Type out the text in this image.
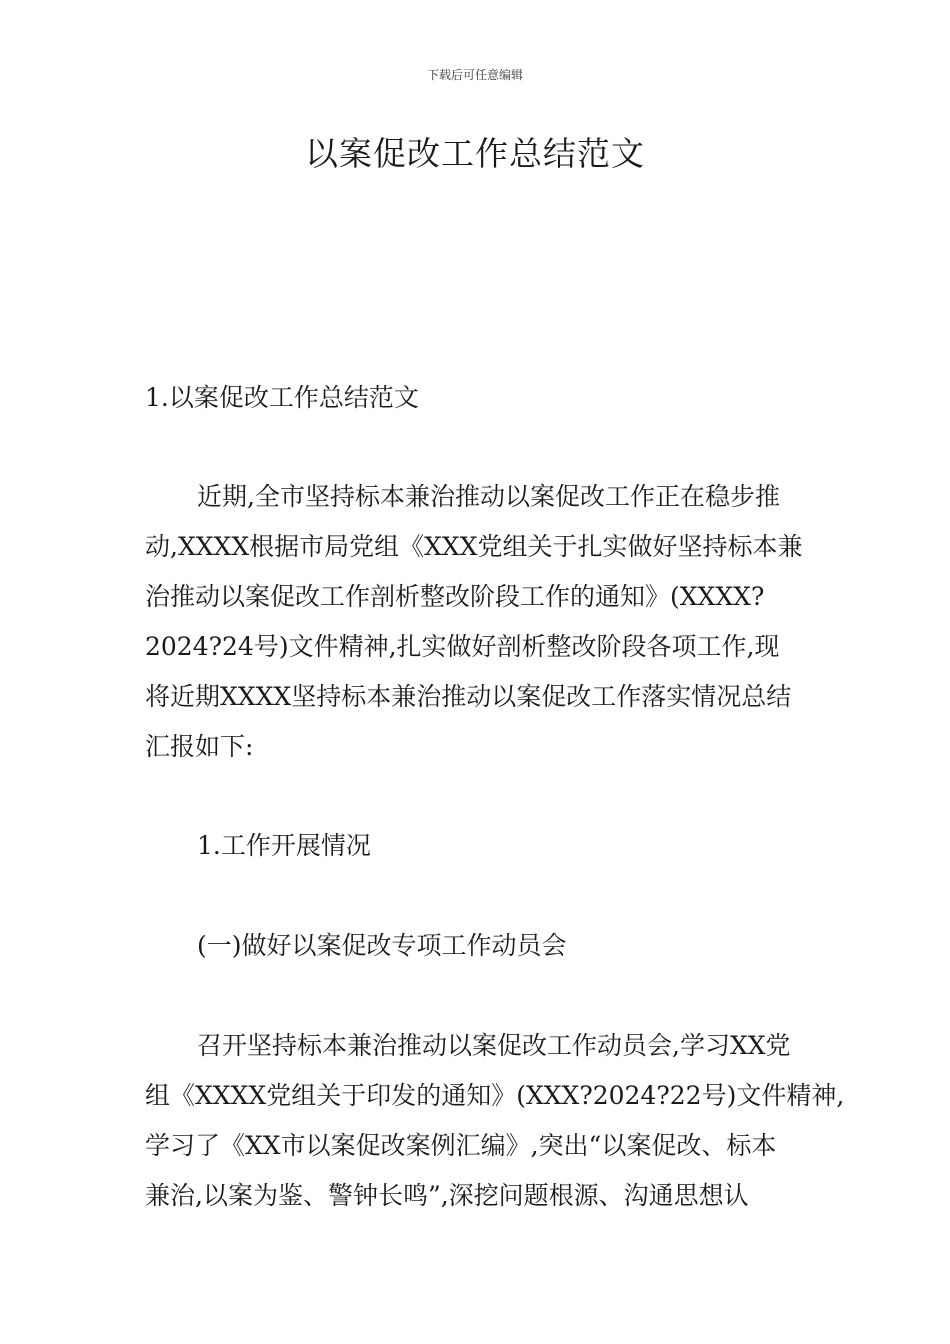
下载后可任意编辑
以案促改工作总结范文
1.以案促改工作总结范文
近期,全市坚持标本兼治推动以案促改工作正在稳步推
动,XXXX根据市局党组《XXX党组关于扎实做好坚持标本兼
治推动以案促改工作剖析整改阶段工作的通知》(XXXX?
2024?24号)文件精神,扎实做好剖析整改阶段各项工作,现
将近期XXXX坚持标本兼治推动以案促改工作落实情况总结
汇报如下:
1.工作开展情况
(一)做好以案促改专项工作动员会
召开坚持标本兼治推动以案促改工作动员会,学习XX党
组《XXXX党组关于印发的通知》(XXX?2024?22号)文件精神,
学习了《XX市以案促改案例汇编》,突出“以案促改、标本
兼治,以案为鉴、警钟长鸣”,深挖问题根源、沟通思想认
